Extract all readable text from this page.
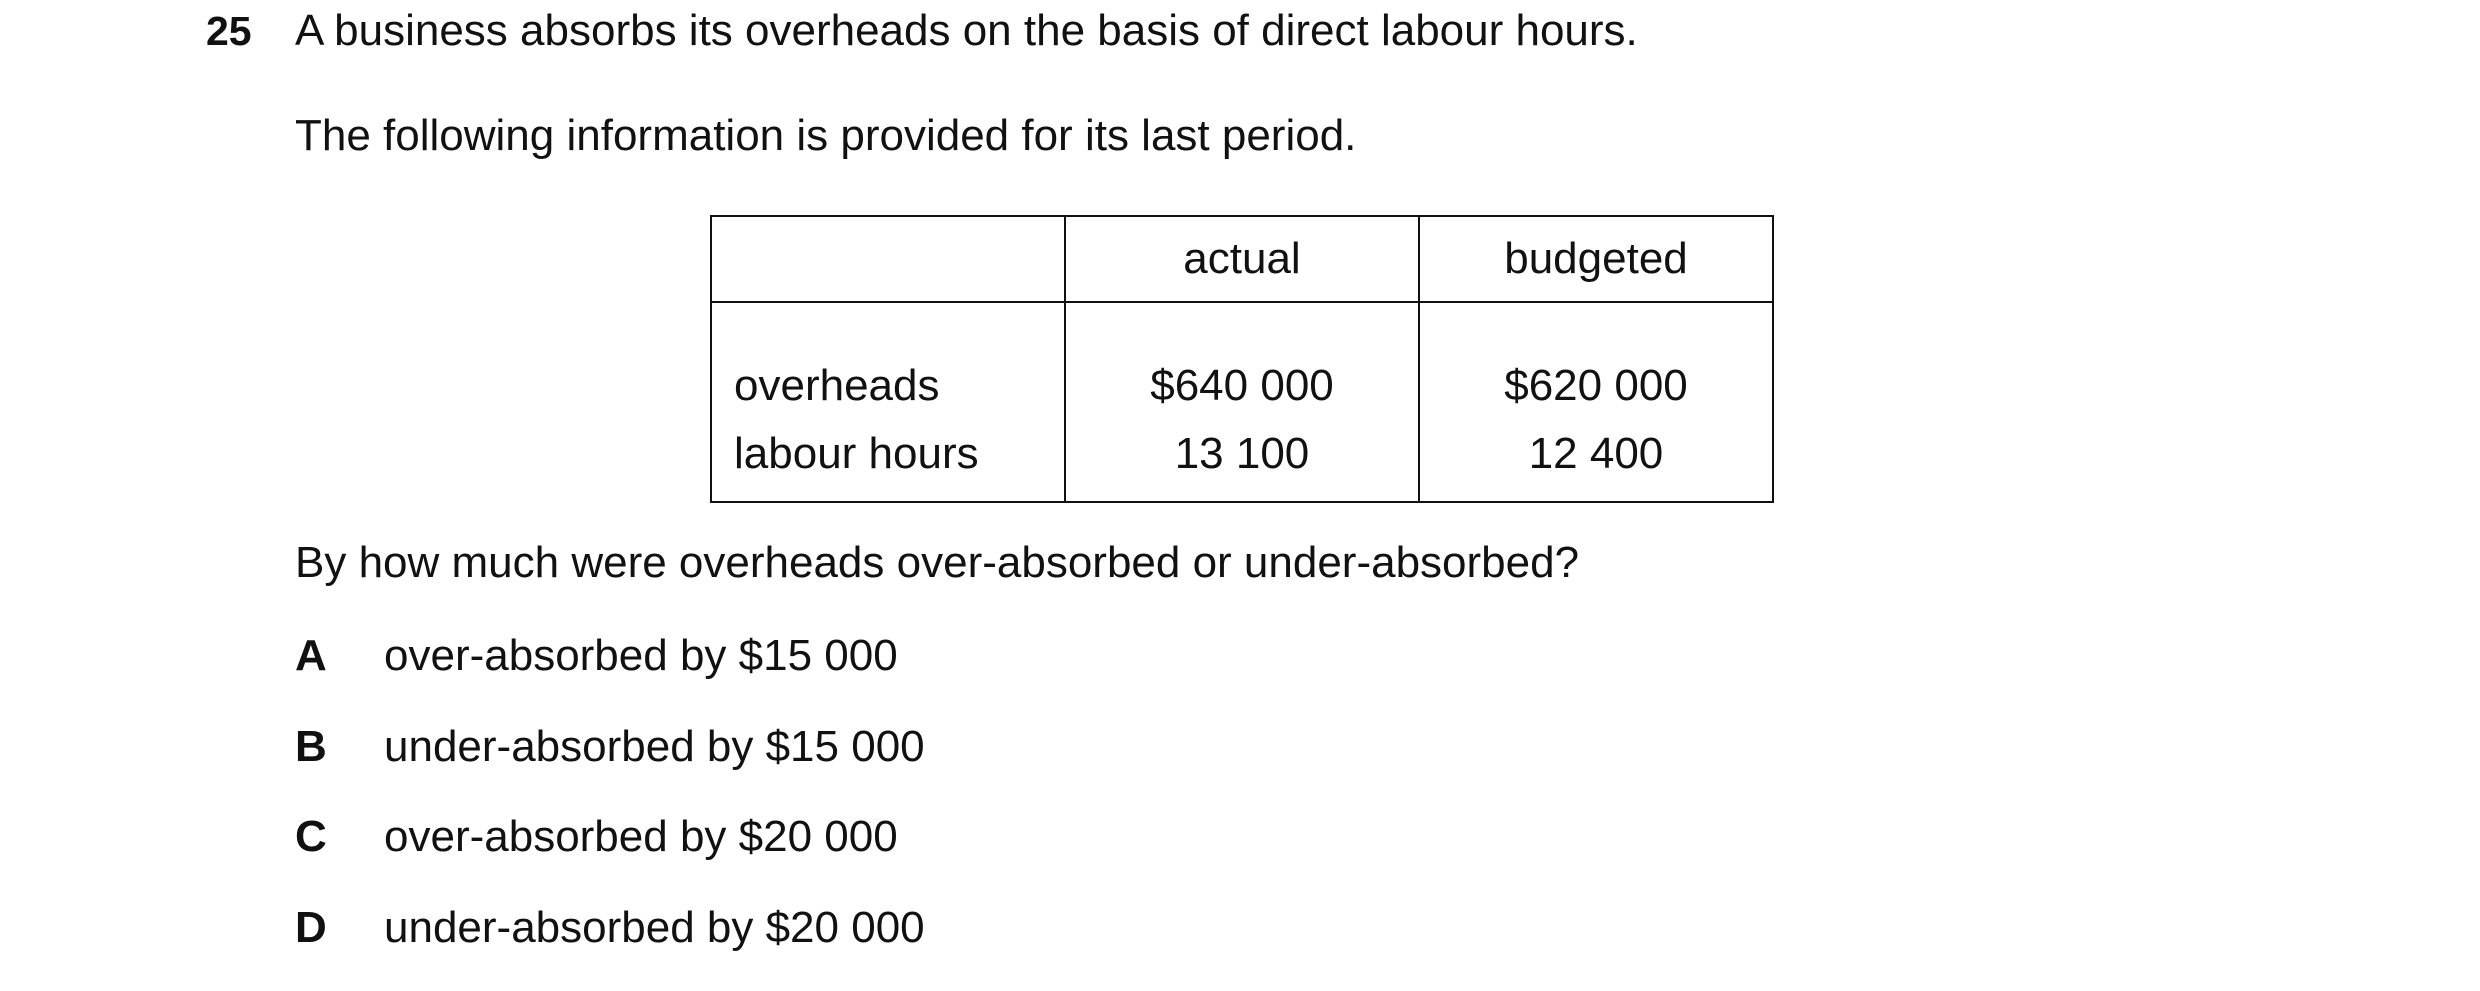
25 A business absorbs its overheads on the basis of direct labour hours.
The following information is provided for its last period.
	actual	budgeted
overheads	$640 000	$620 000
labour hours	13 100	12 400
By how much were overheads over-absorbed or under-absorbed?
A over-absorbed by $15 000
B under-absorbed by $15 000
C over-absorbed by $20 000
D under-absorbed by $20 000
